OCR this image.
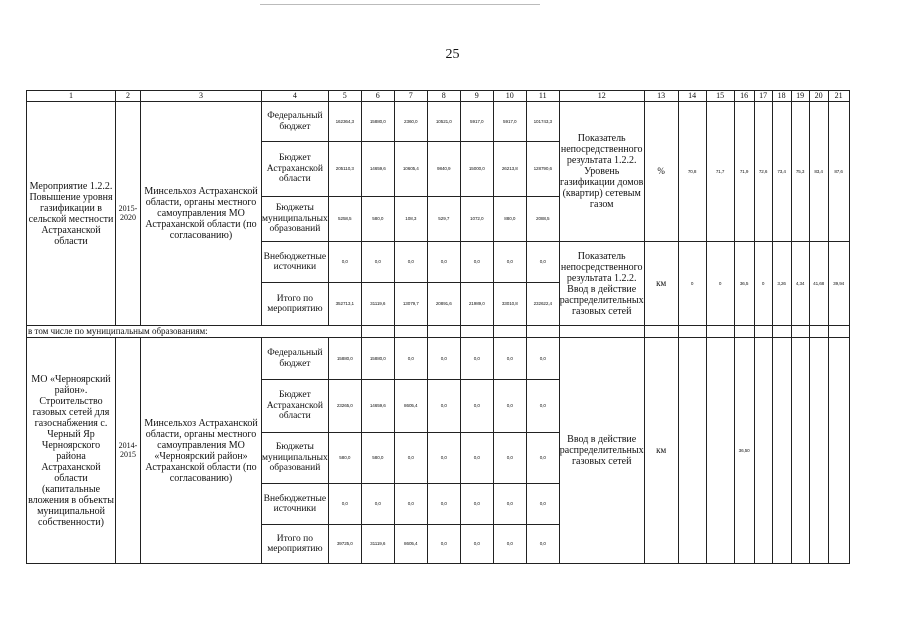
25
1	2	3	4	5	6	7	8	9	10	11	12	13	14	15	16	17	18	19	20	21
Мероприятие 1.2.2. Повышение уровня газификации в сельской местности Астраханской области	2015-2020	Минсельхоз Астраханской области, органы местного самоуправления МО Астраханской области (по согласованию)	Федеральный бюджет	162364,3	15880,0	2360,0	10521,0	5917,0	5917,0	101743,3	Показатель непосредственного результата 1.2.2. Уровень газификации домов (квартир) сетевым газом	%	70,8	71,7	71,9	72,6	73,4	75,3	83,4	87,6
			Бюджет Астраханской области	205110,3	14659,6	10605,4	9840,9	15000,0	26213,8	128790,6										
			Бюджеты муниципальных образований	5258,5	580,0	108,3	529,7	1072,0	880,0	2088,5										
			Внебюджетные источники	0,0	0,0	0,0	0,0	0,0	0,0	0,0	Показатель непосредственного результата 1.2.2. Ввод в действие распределительных газовых сетей	км	0	0	36,5	0	3,26	4,34	41,68	39,94
			Итого по мероприятию	352713,1	31119,6	13079,7	20891,6	21989,0	33010,8	232622,4										
в том числе по муниципальным образованиям:																				
МО «Черноярский район». Строительство газовых сетей для газоснабжения с. Черный Яр Черноярского района Астраханской области (капитальные вложения в объекты муниципальной собственности)	2014-2015	Минсельхоз Астраханской области, органы местного самоуправления МО «Черноярский район» Астраханской области (по согласованию)	Федеральный бюджет	15880,0	15880,0	0,0	0,0	0,0	0,0	0,0	Ввод в действие распределительных газовых сетей	км			36,50					
			Бюджет Астраханской области	23265,0	14659,6	8605,4	0,0	0,0	0,0	0,0										
			Бюджеты муниципальных образований	580,0	580,0	0,0	0,0	0,0	0,0	0,0										
			Внебюджетные источники	0,0	0,0	0,0	0,0	0,0	0,0	0,0										
			Итого по мероприятию	39725,0	31119,6	8605,4	0,0	0,0	0,0	0,0										
